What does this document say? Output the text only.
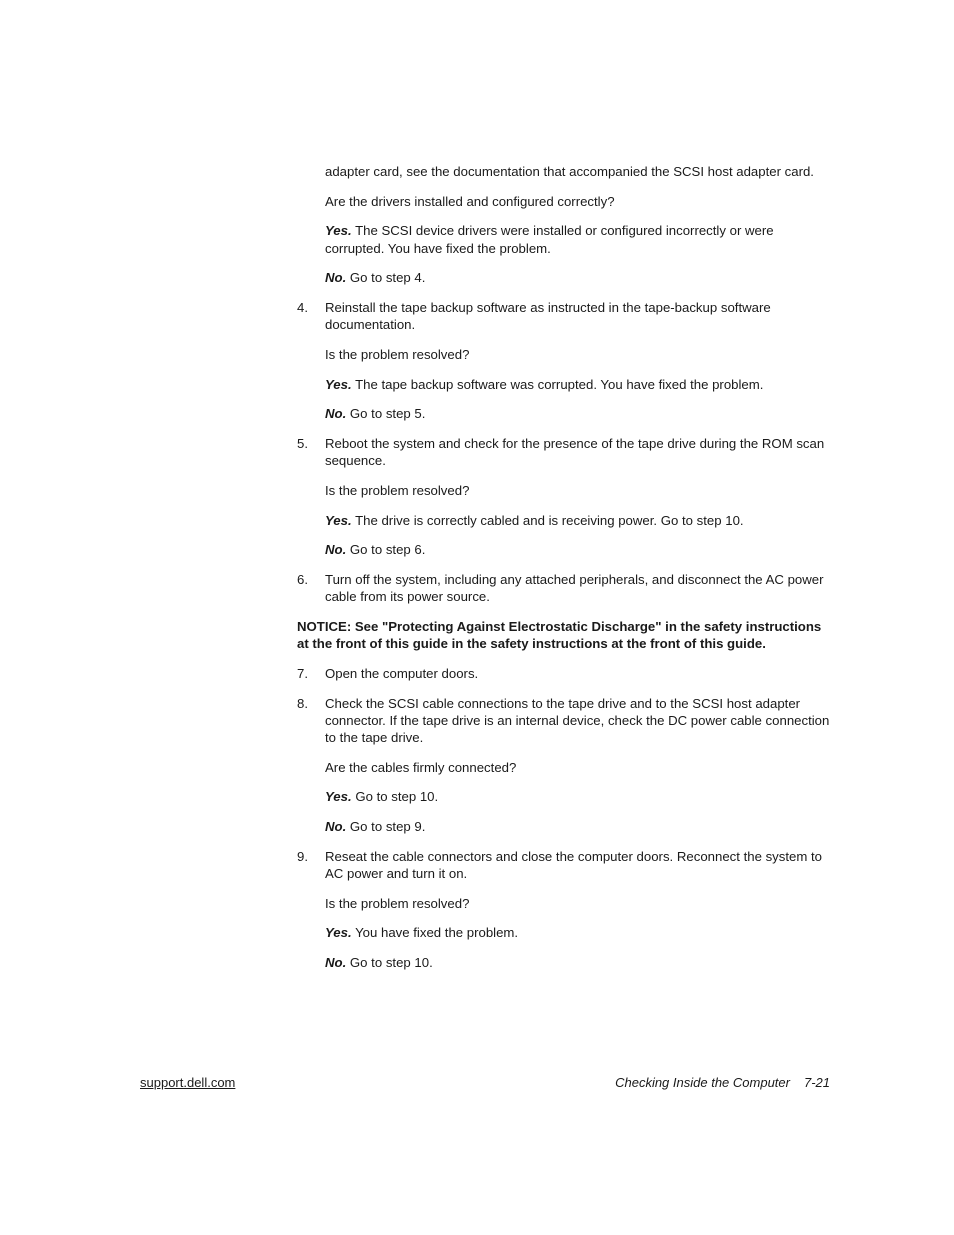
adapter card, see the documentation that accompanied the SCSI host adapter card.

Are the drivers installed and configured correctly?

Yes. The SCSI device drivers were installed or configured incorrectly or were corrupted. You have fixed the problem.

No. Go to step 4.

4. Reinstall the tape backup software as instructed in the tape-backup software documentation.

Is the problem resolved?

Yes. The tape backup software was corrupted. You have fixed the problem.

No. Go to step 5.

5. Reboot the system and check for the presence of the tape drive during the ROM scan sequence.

Is the problem resolved?

Yes. The drive is correctly cabled and is receiving power. Go to step 10.

No. Go to step 6.

6. Turn off the system, including any attached peripherals, and disconnect the AC power cable from its power source.

NOTICE: See "Protecting Against Electrostatic Discharge" in the safety instructions at the front of this guide in the safety instructions at the front of this guide.

7. Open the computer doors.
8. Check the SCSI cable connections to the tape drive and to the SCSI host adapter connector. If the tape drive is an internal device, check the DC power cable connection to the tape drive.

Are the cables firmly connected?

Yes. Go to step 10.

No. Go to step 9.

9. Reseat the cable connectors and close the computer doors. Reconnect the system to AC power and turn it on.

Is the problem resolved?

Yes. You have fixed the problem.

No. Go to step 10.

support.dell.com	Checking Inside the Computer 7-21
